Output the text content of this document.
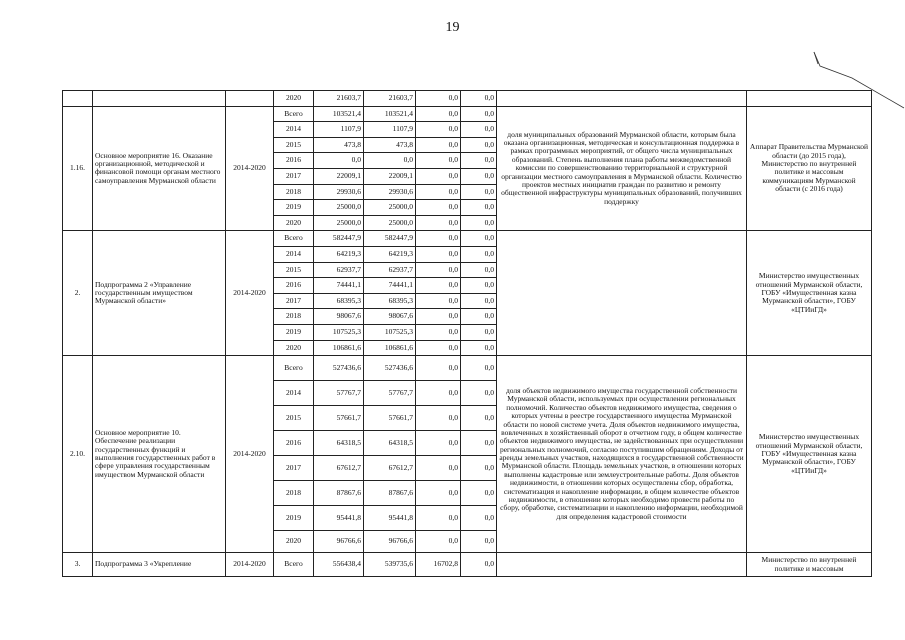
19
			2020	21603,7	21603,7	0,0	0,0		
1.16.	Основное мероприятие 16. Оказание организационной, методической и финансовой помощи органам местного самоуправления Мурманской области	2014-2020	Всего	103521,4	103521,4	0,0	0,0	доля муниципальных образований Мурманской области, которым была оказана организационная, методическая и консультационная поддержка в рамках программных мероприятий, от общего числа муниципальных образований. Степень выполнения плана работы межведомственной комиссии по совершенствованию территориальной и структурной организации местного самоуправления в Мурманской области. Количество проектов местных инициатив граждан по развитию и ремонту общественной инфраструктуры муниципальных образований, получивших поддержку	Аппарат Правительства Мурманской области (до 2015 года), Министерство по внутренней политике и массовым коммуникациям Мурманской области (с 2016 года)
			2014	1107,9	1107,9	0,0	0,0		
			2015	473,8	473,8	0,0	0,0		
			2016	0,0	0,0	0,0	0,0		
			2017	22009,1	22009,1	0,0	0,0		
			2018	29930,6	29930,6	0,0	0,0		
			2019	25000,0	25000,0	0,0	0,0		
			2020	25000,0	25000,0	0,0	0,0		
2.	Подпрограмма 2 «Управление государственным имуществом Мурманской области»	2014-2020	Всего	582447,9	582447,9	0,0	0,0		Министерство имущественных отношений Мурманской области, ГОБУ «Имущественная казна Мурманской области», ГОБУ «ЦТИиГД»
			2014	64219,3	64219,3	0,0	0,0		
			2015	62937,7	62937,7	0,0	0,0		
			2016	74441,1	74441,1	0,0	0,0		
			2017	68395,3	68395,3	0,0	0,0		
			2018	98067,6	98067,6	0,0	0,0		
			2019	107525,3	107525,3	0,0	0,0		
			2020	106861,6	106861,6	0,0	0,0		
2.10.	Основное мероприятие 10. Обеспечение реализации государственных функций и выполнения государственных работ в сфере управления государственным имуществом Мурманской области	2014-2020	Всего	527436,6	527436,6	0,0	0,0	доля объектов недвижимого имущества государственной собственности Мурманской области, используемых при осуществлении региональных полномочий. Количество объектов недвижимого имущества, сведения о которых учтены в реестре государственного имущества Мурманской области по новой системе учета. Доля объектов недвижимого имущества, вовлеченных в хозяйственный оборот в отчетном году, в общем количестве объектов недвижимого имущества, не задействованных при осуществлении региональных полномочий, согласно поступившим обращениям. Доходы от аренды земельных участков, находящихся в государственной собственности Мурманской области. Площадь земельных участков, в отношении которых выполнены кадастровые или землеустроительные работы. Доля объектов недвижимости, в отношении которых осуществлены сбор, обработка, систематизация и накопление информации, в общем количестве объектов недвижимости, в отношении которых необходимо провести работы по сбору, обработке, систематизации и накоплению информации, необходимой для определения кадастровой стоимости	Министерство имущественных отношений Мурманской области, ГОБУ «Имущественная казна Мурманской области», ГОБУ «ЦТИиГД»
			2014	57767,7	57767,7	0,0	0,0		
			2015	57661,7	57661,7	0,0	0,0		
			2016	64318,5	64318,5	0,0	0,0		
			2017	67612,7	67612,7	0,0	0,0		
			2018	87867,6	87867,6	0,0	0,0		
			2019	95441,8	95441,8	0,0	0,0		
			2020	96766,6	96766,6	0,0	0,0		
3.	Подпрограмма 3 «Укрепление	2014-2020	Всего	556438,4	539735,6	16702,8	0,0		Министерство по внутренней политике и массовым
